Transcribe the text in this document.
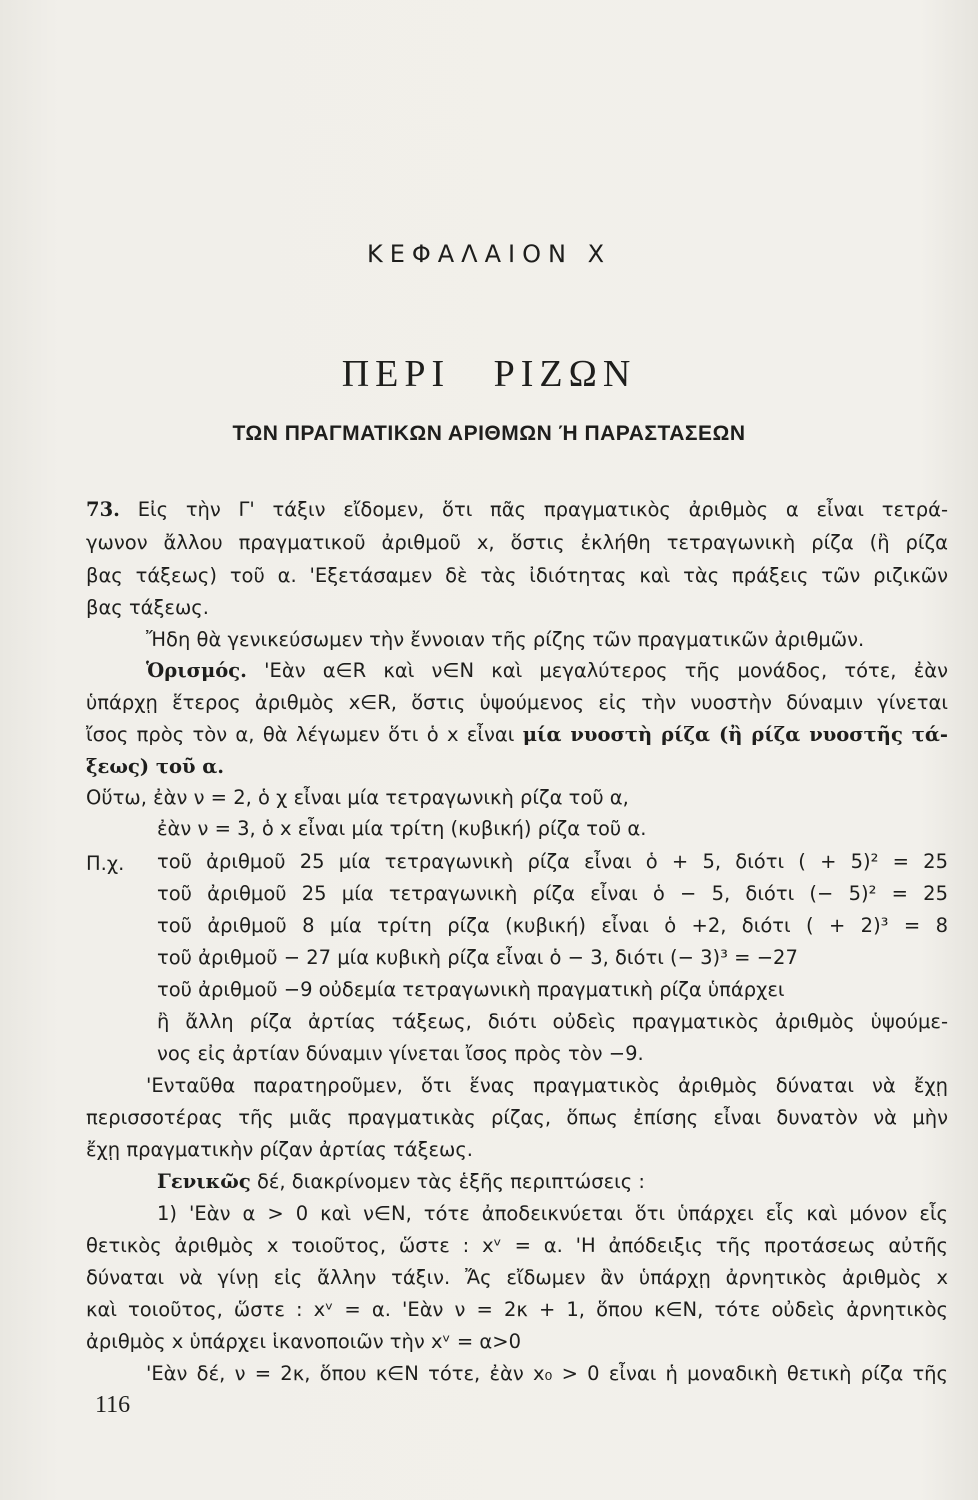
ΚΕΦΑΛΑΙΟΝ Χ
ΠΕΡΙ ΡΙΖΩΝ
ΤΩΝ ΠΡΑΓΜΑΤΙΚΩΝ ΑΡΙΘΜΩΝ Ή ΠΑΡΑΣΤΑΣΕΩΝ
73. Εἰς τὴν Γ' τάξιν εἴδομεν, ὅτι πᾶς πραγματικὸς ἀριθμὸς α εἶναι τετρά-
γωνον ἄλλου πραγματικοῦ ἀριθμοῦ x, ὅστις ἐκλήθη τετραγωνικὴ ρίζα (ἢ ρίζα
βας τάξεως) τοῦ α. 'Εξετάσαμεν δὲ τὰς ἰδιότητας καὶ τὰς πράξεις τῶν ριζικῶν
βας τάξεως.
Ἤδη θὰ γενικεύσωμεν τὴν ἔννοιαν τῆς ρίζης τῶν πραγματικῶν ἀριθμῶν.
Ὁρισμός. 'Εὰν α∈R καὶ ν∈N καὶ μεγαλύτερος τῆς μονάδος, τότε, ἐὰν
ὑπάρχῃ ἕτερος ἀριθμὸς x∈R, ὅστις ὑψούμενος εἰς τὴν νυοστὴν δύναμιν γίνεται
ἴσος πρὸς τὸν α, θὰ λέγωμεν ὅτι ὁ x εἶναι μία νυοστὴ ρίζα (ἢ ρίζα νυοστῆς τά-
ξεως) τοῦ α.
Οὕτω, ἐὰν ν = 2, ὁ χ εἶναι μία τετραγωνικὴ ρίζα τοῦ α,
ἐὰν ν = 3, ὁ x εἶναι μία τρίτη (κυβική) ρίζα τοῦ α.
Π.χ. τοῦ ἀριθμοῦ 25 μία τετραγωνικὴ ρίζα εἶναι ὁ + 5, διότι ( + 5)² = 25
τοῦ ἀριθμοῦ 25 μία τετραγωνικὴ ρίζα εἶναι ὁ − 5, διότι (− 5)² = 25
τοῦ ἀριθμοῦ 8 μία τρίτη ρίζα (κυβική) εἶναι ὁ +2, διότι ( + 2)³ = 8
τοῦ ἀριθμοῦ − 27 μία κυβικὴ ρίζα εἶναι ὁ − 3, διότι (− 3)³ = −27
τοῦ ἀριθμοῦ −9 οὐδεμία τετραγωνικὴ πραγματικὴ ρίζα ὑπάρχει
ἢ ἄλλη ρίζα ἀρτίας τάξεως, διότι οὐδεὶς πραγματικὸς ἀριθμὸς ὑψούμε-
νος εἰς ἀρτίαν δύναμιν γίνεται ἴσος πρὸς τὸν −9.
'Ενταῦθα παρατηροῦμεν, ὅτι ἕνας πραγματικὸς ἀριθμὸς δύναται νὰ ἔχῃ
περισσοτέρας τῆς μιᾶς πραγματικὰς ρίζας, ὅπως ἐπίσης εἶναι δυνατὸν νὰ μὴν
ἔχῃ πραγματικὴν ρίζαν ἀρτίας τάξεως.
Γενικῶς δέ, διακρίνομεν τὰς ἑξῆς περιπτώσεις :
1) 'Εὰν α > 0 καὶ ν∈N, τότε ἀποδεικνύεται ὅτι ὑπάρχει εἷς καὶ μόνον εἷς
θετικὸς ἀριθμὸς x τοιοῦτος, ὥστε : xᵛ = α. 'Η ἀπόδειξις τῆς προτάσεως αὐτῆς
δύναται νὰ γίνῃ εἰς ἄλλην τάξιν. Ἄς εἴδωμεν ἂν ὑπάρχῃ ἀρνητικὸς ἀριθμὸς x
καὶ τοιοῦτος, ὥστε : xᵛ = α. 'Εὰν ν = 2κ + 1, ὅπου κ∈N, τότε οὐδεὶς ἀρνητικὸς
ἀριθμὸς x ὑπάρχει ἱκανοποιῶν τὴν xᵛ = α>0
'Εὰν δέ, ν = 2κ, ὅπου κ∈N τότε, ἐὰν x₀ > 0 εἶναι ἡ μοναδικὴ θετικὴ ρίζα τῆς
116
